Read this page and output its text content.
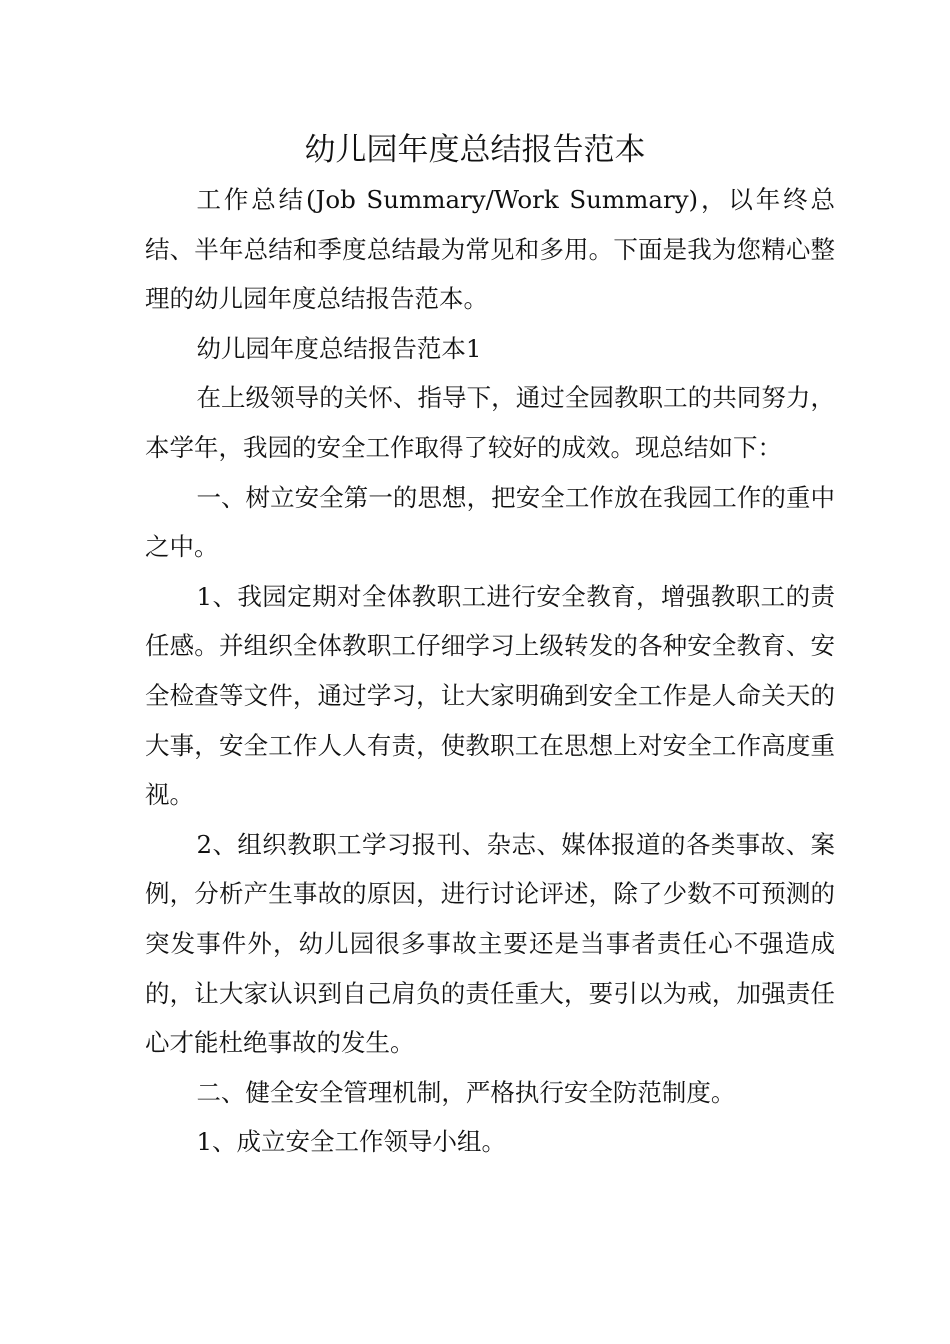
幼儿园年度总结报告范本

工作总结(Job Summary/Work Summary)，以年终总结、半年总结和季度总结最为常见和多用。下面是我为您精心整理的幼儿园年度总结报告范本。

幼儿园年度总结报告范本1

在上级领导的关怀、指导下，通过全园教职工的共同努力，本学年，我园的安全工作取得了较好的成效。现总结如下：

一、树立安全第一的思想，把安全工作放在我园工作的重中之中。

1、我园定期对全体教职工进行安全教育，增强教职工的责任感。并组织全体教职工仔细学习上级转发的各种安全教育、安全检查等文件，通过学习，让大家明确到安全工作是人命关天的大事，安全工作人人有责，使教职工在思想上对安全工作高度重视。

2、组织教职工学习报刊、杂志、媒体报道的各类事故、案例，分析产生事故的原因，进行讨论评述，除了少数不可预测的突发事件外，幼儿园很多事故主要还是当事者责任心不强造成的，让大家认识到自己肩负的责任重大，要引以为戒，加强责任心才能杜绝事故的发生。

二、健全安全管理机制，严格执行安全防范制度。

1、成立安全工作领导小组。
